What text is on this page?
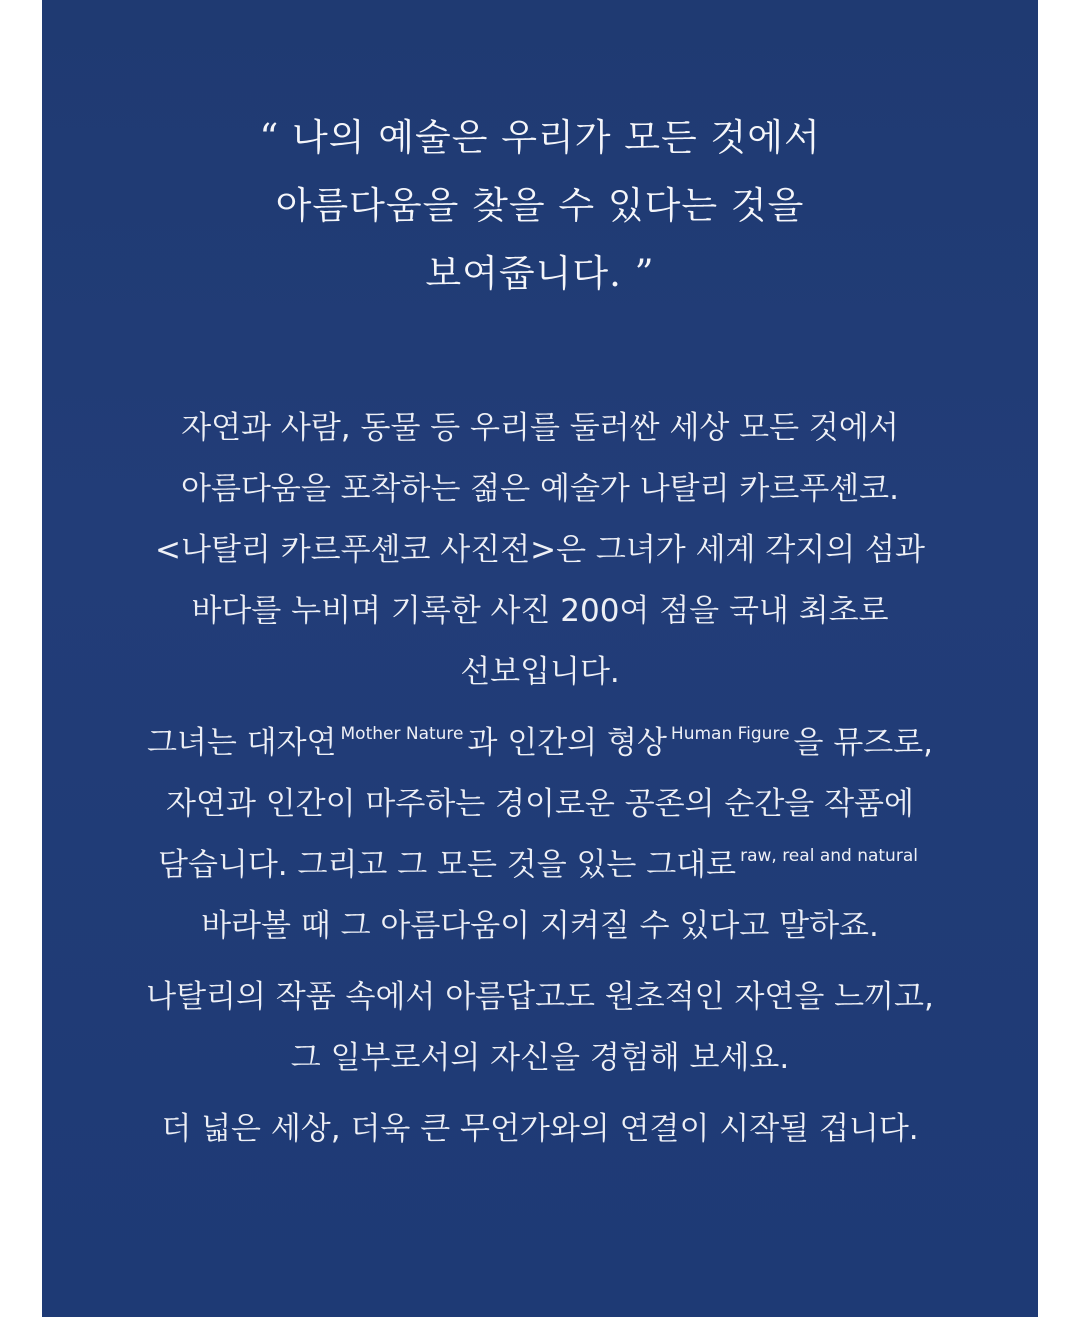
“ 나의 예술은 우리가 모든 것에서
아름다움을 찾을 수 있다는 것을
보여줍니다. ”

자연과 사람, 동물 등 우리를 둘러싼 세상 모든 것에서
아름다움을 포착하는 젊은 예술가 나탈리 카르푸셴코.
<나탈리 카르푸셴코 사진전>은 그녀가 세계 각지의 섬과
바다를 누비며 기록한 사진 200여 점을 국내 최초로
선보입니다.

그녀는 대자연 $^{Mother Nature}$ 과 인간의 형상 $^{Human Figure}$ 을 뮤즈로,
자연과 인간이 마주하는 경이로운 공존의 순간을 작품에
담습니다. 그리고 그 모든 것을 있는 그대로 $^{raw, real and natural}$
바라볼 때 그 아름다움이 지켜질 수 있다고 말하죠.

나탈리의 작품 속에서 아름답고도 원초적인 자연을 느끼고,
그 일부로서의 자신을 경험해 보세요.

더 넓은 세상, 더욱 큰 무언가와의 연결이 시작될 겁니다.
